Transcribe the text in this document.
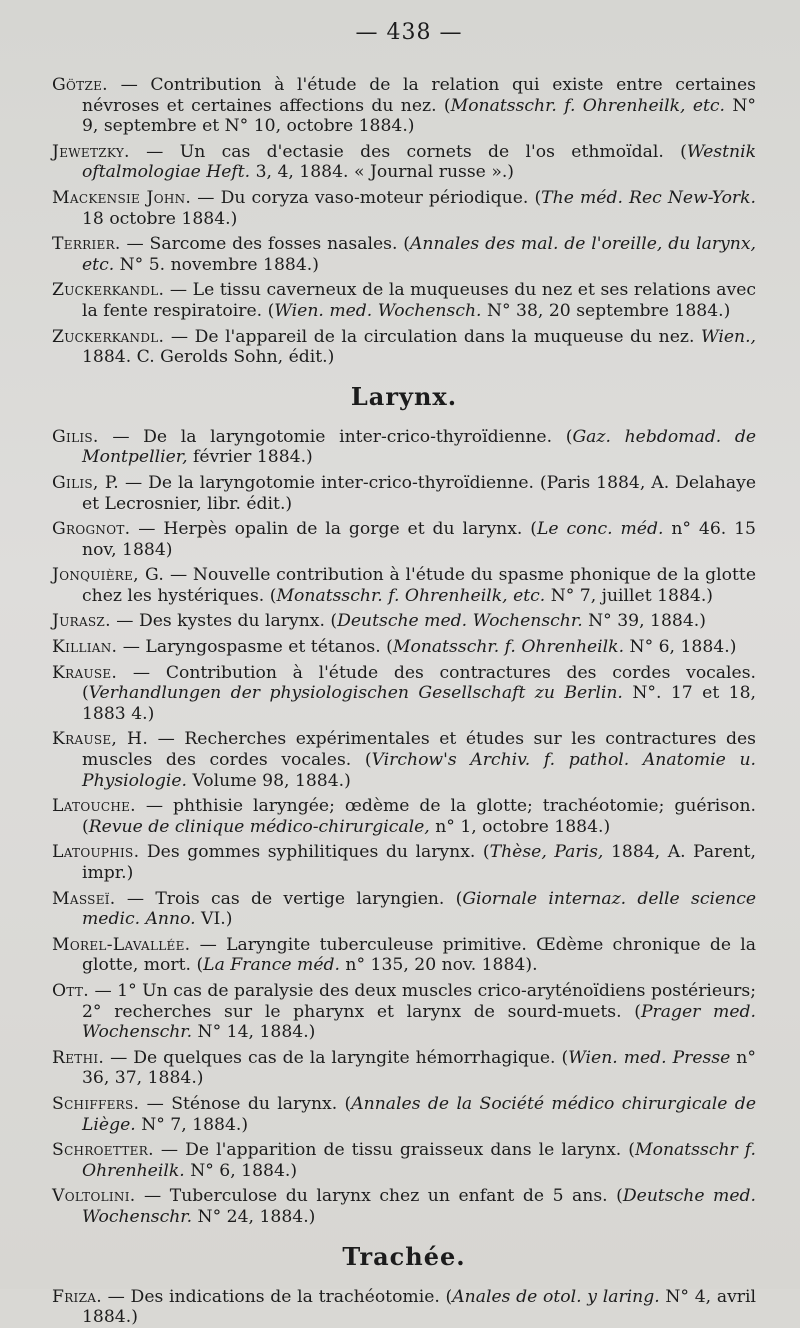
— 438 —

Götze. — Contribution à l'étude de la relation qui existe entre certaines névroses et certaines affections du nez. (Monatsschr. f. Ohrenheilk, etc. N° 9, septembre et N° 10, octobre 1884.)

Jewetzky. — Un cas d'ectasie des cornets de l'os ethmoïdal. (Westnik oftalmologiae Heft. 3, 4, 1884. « Journal russe ».)

Mackensie John. — Du coryza vaso-moteur périodique. (The méd. Rec New-York. 18 octobre 1884.)

Terrier. — Sarcome des fosses nasales. (Annales des mal. de l'oreille, du larynx, etc. N° 5. novembre 1884.)

Zuckerkandl. — Le tissu caverneux de la muqueuses du nez et ses relations avec la fente respiratoire. (Wien. med. Wochensch. N° 38, 20 septembre 1884.)

Zuckerkandl. — De l'appareil de la circulation dans la muqueuse du nez. Wien., 1884. C. Gerolds Sohn, édit.)

Larynx.

Gilis. — De la laryngotomie inter-crico-thyroïdienne. (Gaz. hebdomad. de Montpellier, février 1884.)

Gilis, P. — De la laryngotomie inter-crico-thyroïdienne. (Paris 1884, A. Delahaye et Lecrosnier, libr. édit.)

Grognot. — Herpès opalin de la gorge et du larynx. (Le conc. méd. n° 46. 15 nov, 1884)

Jonquière, G. — Nouvelle contribution à l'étude du spasme phonique de la glotte chez les hystériques. (Monatsschr. f. Ohrenheilk, etc. N° 7, juillet 1884.)

Jurasz. — Des kystes du larynx. (Deutsche med. Wochenschr. N° 39, 1884.)

Killian. — Laryngospasme et tétanos. (Monatsschr. f. Ohrenheilk. N° 6, 1884.)

Krause. — Contribution à l'étude des contractures des cordes vocales. (Verhandlungen der physiologischen Gesellschaft zu Berlin. N°. 17 et 18, 1883 4.)

Krause, H. — Recherches expérimentales et études sur les contractures des muscles des cordes vocales. (Virchow's Archiv. f. pathol. Anatomie u. Physiologie. Volume 98, 1884.)

Latouche. — phthisie laryngée; œdème de la glotte; trachéotomie; guérison. (Revue de clinique médico-chirurgicale, n° 1, octobre 1884.)

Latouphis. Des gommes syphilitiques du larynx. (Thèse, Paris, 1884, A. Parent, impr.)

Masseï. — Trois cas de vertige laryngien. (Giornale internaz. delle science medic. Anno. VI.)

Morel-Lavallée. — Laryngite tuberculeuse primitive. Œdème chronique de la glotte, mort. (La France méd. n° 135, 20 nov. 1884).

Ott. — 1° Un cas de paralysie des deux muscles crico-aryténoïdiens postérieurs; 2° recherches sur le pharynx et larynx de sourd-muets. (Prager med. Wochenschr. N° 14, 1884.)

Rethi. — De quelques cas de la laryngite hémorrhagique. (Wien. med. Presse n° 36, 37, 1884.)

Schiffers. — Sténose du larynx. (Annales de la Société médico chirurgicale de Liège. N° 7, 1884.)

Schroetter. — De l'apparition de tissu graisseux dans le larynx. (Monatsschr f. Ohrenheilk. N° 6, 1884.)

Voltolini. — Tuberculose du larynx chez un enfant de 5 ans. (Deutsche med. Wochenschr. N° 24, 1884.)

Trachée.

Friza. — Des indications de la trachéotomie. (Anales de otol. y laring. N° 4, avril 1884.)
